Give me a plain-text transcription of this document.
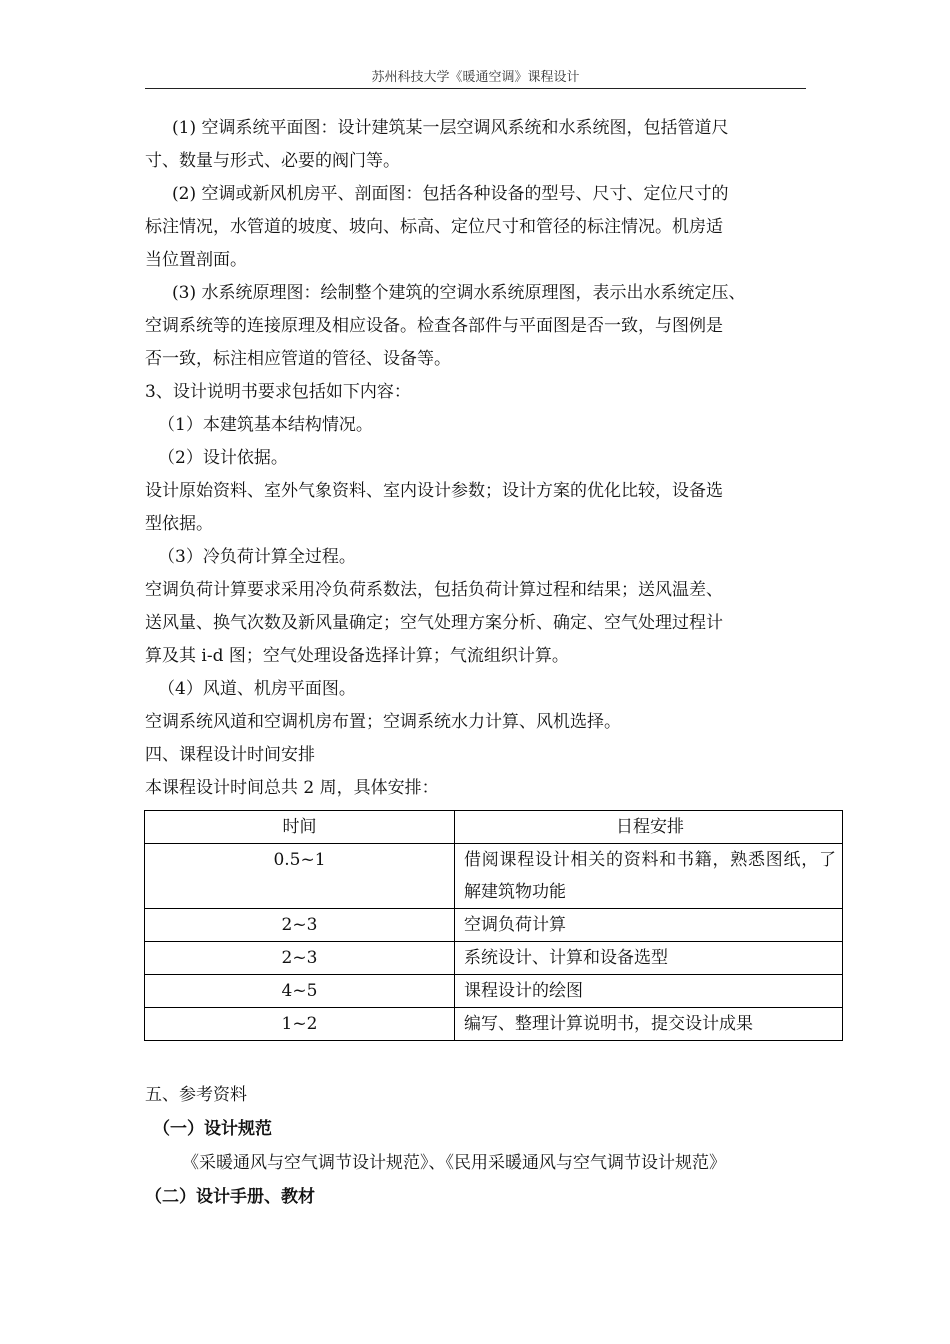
苏州科技大学《暖通空调》课程设计

(1) 空调系统平面图：设计建筑某一层空调风系统和水系统图，包括管道尺

寸、数量与形式、必要的阀门等。

(2) 空调或新风机房平、剖面图：包括各种设备的型号、尺寸、定位尺寸的

标注情况，水管道的坡度、坡向、标高、定位尺寸和管径的标注情况。机房适

当位置剖面。

(3) 水系统原理图：绘制整个建筑的空调水系统原理图，表示出水系统定压、

空调系统等的连接原理及相应设备。检查各部件与平面图是否一致，与图例是

否一致，标注相应管道的管径、设备等。

3、设计说明书要求包括如下内容：

（1）本建筑基本结构情况。

（2）设计依据。

设计原始资料、室外气象资料、室内设计参数；设计方案的优化比较，设备选

型依据。

（3）冷负荷计算全过程。

空调负荷计算要求采用冷负荷系数法，包括负荷计算过程和结果；送风温差、

送风量、换气次数及新风量确定；空气处理方案分析、确定、空气处理过程计

算及其 i-d 图；空气处理设备选择计算；气流组织计算。

（4）风道、机房平面图。

空调系统风道和空调机房布置；空调系统水力计算、风机选择。

四、课程设计时间安排

本课程设计时间总共 2 周，具体安排：

时间	日程安排
0.5~1	借阅课程设计相关的资料和书籍，熟悉图纸，了解建筑物功能
2~3	空调负荷计算
2~3	系统设计、计算和设备选型
4~5	课程设计的绘图
1~2	编写、整理计算说明书，提交设计成果

五、参考资料

（一）设计规范

《采暖通风与空气调节设计规范》、《民用采暖通风与空气调节设计规范》

（二）设计手册、教材
